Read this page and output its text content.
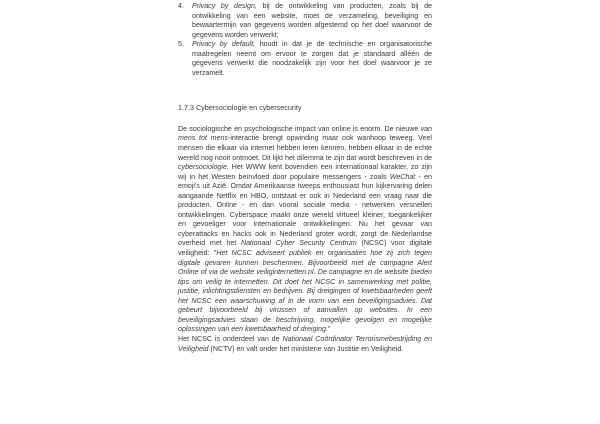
4.	Privacy by design, bij de ontwikkeling van producten, zoals bij de ontwikkeling van een website, moet de verzameling, beveiliging en bewaartermijn van gegevens worden afgestemd op het doel waarvoor de gegevens worden verwerkt;
5.	Privacy by default, houdt in dat je de technische en organisatorische maatregelen neemt om ervoor te zorgen dat je standaard alléén de gegevens verwerkt die noodzakelijk zijn voor het doel waarvoor je ze verzamelt.
1.7.3 Cybersociologie en cybersecurity

De sociologische en psychologische impact van online is enorm. De nieuwe van mens tot mens-interactie brengt opwinding maar ook wanhoop teweeg. Veel mensen die elkaar via internet hebben leren kennen, hebben elkaar in de echte wereld nog nooit ontmoet. Dit lijkt het dilemma te zijn dat wordt beschreven in de cybersociologie. Het WWW kent bovendien een internationaal karakter, zo zijn wij in het Westen beïnvloed door populaire messengers - zoals WeChat - en emoji's uit Azië. Omdat Amerikaanse tweeps enthousiast hun kijkervaring delen aangaande Netflix en HBO, ontstaat er ook in Nederland een vraag naar die producten. Online - en dan vooral sociale media - netwerken versnellen ontwikkelingen. Cyberspace maakt onze wereld virtueel kleiner, toegankelijker en gevoeliger voor internationale ontwikkelingen. Nu het gevaar van cyberattacks en hacks ook in Nederland groter wordt, zorgt de Nederlandse overheid met het Nationaal Cyber Security Centrum (NCSC) voor digitale veiligheid: "Het NCSC adviseert publiek en organisaties hoe zij zich tegen digitale gevaren kunnen beschermen. Bijvoorbeeld met de campagne Alert Online of via de website veiliginternetten.nl. De campagne en de website bieden tips om veilig te internetten. Dit doet het NCSC in samenwerking met politie, justitie, inlichtingsdiensten en bedrijven. Bij dreigingen of kwetsbaarheden geeft het NCSC een waarschuwing af in de vorm van een beveiligingsadvies. Dat gebeurt bijvoorbeeld bij virussen of aanvallen op websites. In een beveiligingsadvies staan de beschrijving, mogelijke gevolgen en mogelijke oplossingen van een kwetsbaarheid of dreiging."

Het NCSC is onderdeel van de Nationaal Coördinator Terrorismebestrijding en Veiligheid (NCTV) en valt onder het ministerie van Justitie en Veiligheid.
